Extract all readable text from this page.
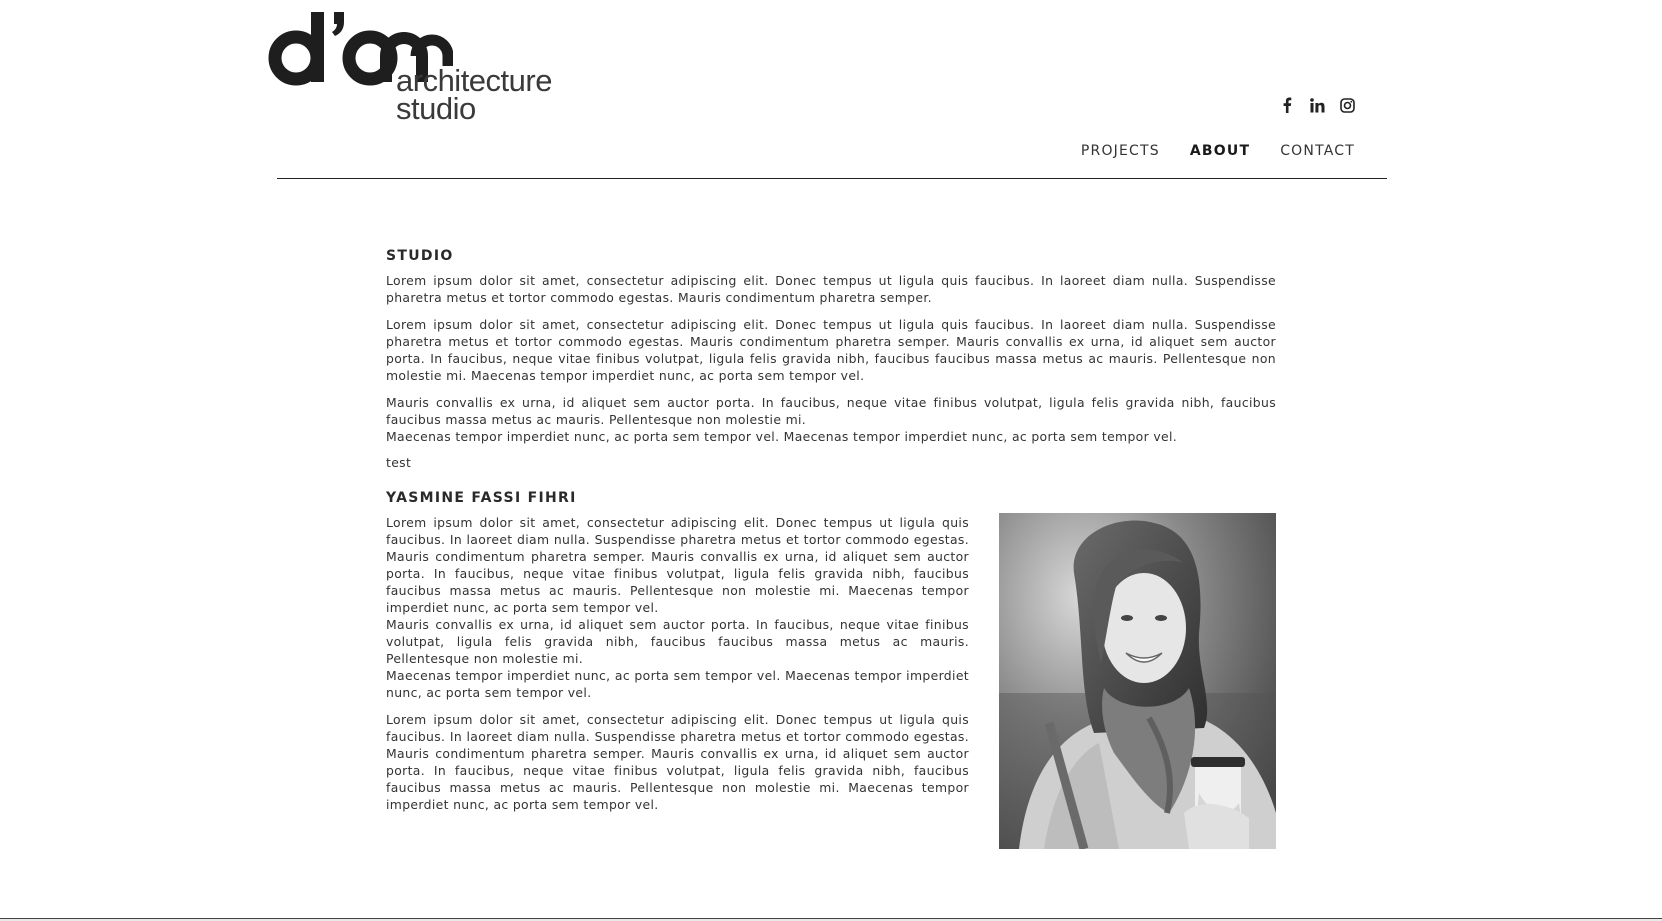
architecture
studio
PROJECTS ABOUT CONTACT
STUDIO

Lorem ipsum dolor sit amet, consectetur adipiscing elit. Donec tempus ut ligula quis faucibus. In laoreet diam nulla. Suspendisse pharetra metus et tortor commodo egestas. Mauris condimentum pharetra semper.

Lorem ipsum dolor sit amet, consectetur adipiscing elit. Donec tempus ut ligula quis faucibus. In laoreet diam nulla. Suspendisse pharetra metus et tortor commodo egestas. Mauris condimentum pharetra semper. Mauris convallis ex urna, id aliquet sem auctor porta. In faucibus, neque vitae finibus volutpat, ligula felis gravida nibh, faucibus faucibus massa metus ac mauris. Pellentesque non molestie mi. Maecenas tempor imperdiet nunc, ac porta sem tempor vel.

Mauris convallis ex urna, id aliquet sem auctor porta. In faucibus, neque vitae finibus volutpat, ligula felis gravida nibh, faucibus faucibus massa metus ac mauris. Pellentesque non molestie mi.

Maecenas tempor imperdiet nunc, ac porta sem tempor vel. Maecenas tempor imperdiet nunc, ac porta sem tempor vel.

test
YASMINE FASSI FIHRI

Lorem ipsum dolor sit amet, consectetur adipiscing elit. Donec tempus ut ligula quis faucibus. In laoreet diam nulla. Suspendisse pharetra metus et tortor commodo egestas. Mauris condimentum pharetra semper. Mauris convallis ex urna, id aliquet sem auctor porta. In faucibus, neque vitae finibus volutpat, ligula felis gravida nibh, faucibus faucibus massa metus ac mauris. Pellentesque non molestie mi. Maecenas tempor imperdiet nunc, ac porta sem tempor vel.

Mauris convallis ex urna, id aliquet sem auctor porta. In faucibus, neque vitae finibus volutpat, ligula felis gravida nibh, faucibus faucibus massa metus ac mauris. Pellentesque non molestie mi.

Maecenas tempor imperdiet nunc, ac porta sem tempor vel. Maecenas tempor imperdiet nunc, ac porta sem tempor vel.

Lorem ipsum dolor sit amet, consectetur adipiscing elit. Donec tempus ut ligula quis faucibus. In laoreet diam nulla. Suspendisse pharetra metus et tortor commodo egestas. Mauris condimentum pharetra semper. Mauris convallis ex urna, id aliquet sem auctor porta. In faucibus, neque vitae finibus volutpat, ligula felis gravida nibh, faucibus faucibus massa metus ac mauris. Pellentesque non molestie mi. Maecenas tempor imperdiet nunc, ac porta sem tempor vel.
